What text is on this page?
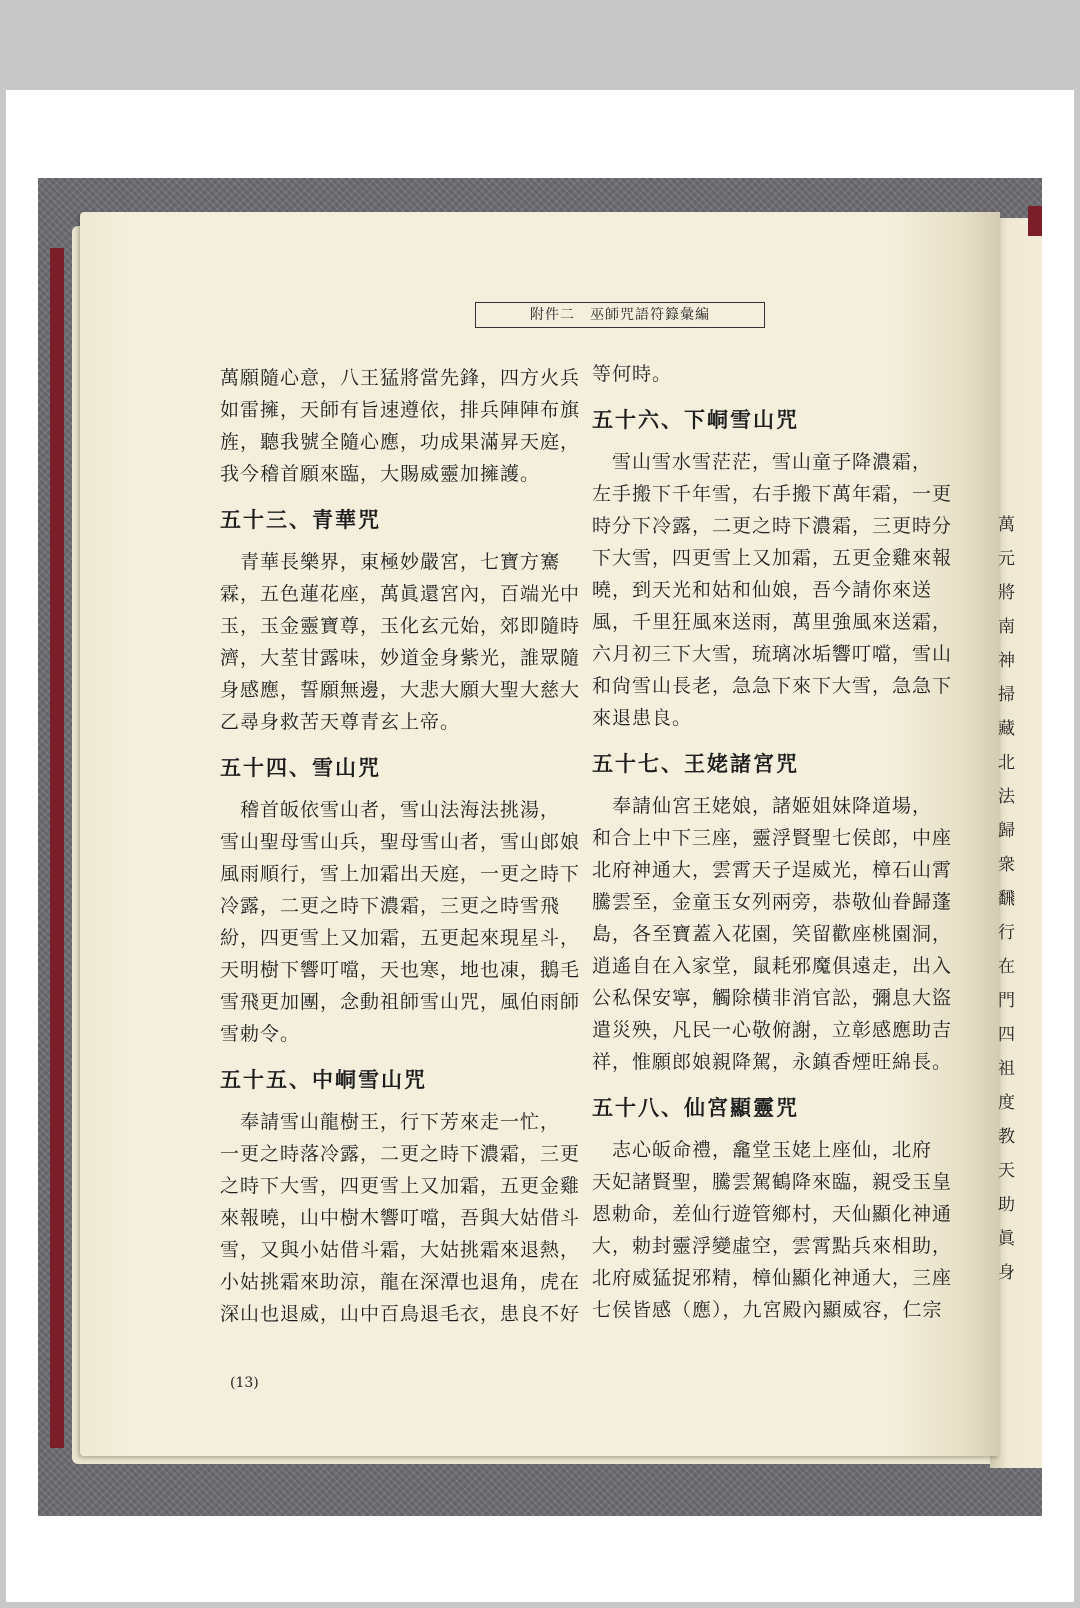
附件二　巫師咒語符籙彙編

萬願隨心意，八王猛將當先鋒，四方火兵

如雷擁，天師有旨速遵依，排兵陣陣布旗

旌，聽我號全隨心應，功成果滿昇天庭，

我今稽首願來臨，大賜威靈加擁護。

五十三、青華咒

　青華長樂界，東極妙嚴宮，七寶方騫

霖，五色蓮花座，萬眞還宮內，百端光中

玉，玉金靈寶尊，玉化玄元始，郊即隨時

濟，大荎甘露味，妙道金身紫光，誰眾隨

身感應，誓願無邊，大悲大願大聖大慈大

乙尋身救苦天尊青玄上帝。

五十四、雪山咒

　稽首皈依雪山者，雪山法海法挑湯，

雪山聖母雪山兵，聖母雪山者，雪山郎娘

風雨順行，雪上加霜出天庭，一更之時下

冷露，二更之時下濃霜，三更之時雪飛

紛，四更雪上又加霜，五更起來現星斗，

天明樹下響叮噹，天也寒，地也凍，鵝毛

雪飛更加團，念動祖師雪山咒，風伯雨師

雪勅令。

五十五、中峒雪山咒

　奉請雪山龍樹王，行下芳來走一忙，

一更之時落冷露，二更之時下濃霜，三更

之時下大雪，四更雪上又加霜，五更金雞

來報曉，山中樹木響叮噹，吾與大姑借斗

雪，又與小姑借斗霜，大姑挑霜來退熱，

小姑挑霜來助涼，龍在深潭也退角，虎在

深山也退威，山中百鳥退毛衣，患良不好

等何時。

五十六、下峒雪山咒

　雪山雪水雪茫茫，雪山童子降濃霜，

左手搬下千年雪，右手搬下萬年霜，一更

時分下冷露，二更之時下濃霜，三更時分

下大雪，四更雪上又加霜，五更金雞來報

曉，到天光和姑和仙娘，吾今請你來送

風，千里狂風來送雨，萬里強風來送霜，

六月初三下大雪，琉璃冰垢響叮噹，雪山

和尙雪山長老，急急下來下大雪，急急下

來退患良。

五十七、王姥諸宮咒

　奉請仙宮王姥娘，諸姬姐妹降道場，

和合上中下三座，靈浮賢聖七侯郎，中座

北府神通大，雲霄天子逞威光，樟石山霄

騰雲至，金童玉女列兩旁，恭敬仙眷歸蓬

島，各至寶蓋入花園，笑留歡座桃園洞，

逍遙自在入家堂，鼠耗邪魔俱遠走，出入

公私保安寧，觸除橫非消官訟，彌息大盜

遣災殃，凡民一心敬俯謝，立彰感應助吉

祥，惟願郎娘親降駕，永鎮香煙旺綿長。

五十八、仙宮顯靈咒

　志心皈命禮，龕堂玉姥上座仙，北府

天妃諸賢聖，騰雲駕鶴降來臨，親受玉皇

恩勅命，差仙行遊管鄉村，天仙顯化神通

大，勅封靈浮變虛空，雲霄點兵來相助，

北府威猛捉邪精，樟仙顯化神通大，三座

七侯皆感（應），九宮殿內顯威容，仁宗

(13)
萬
元
將
南
神
掃
藏
北
法
歸
衆
飜
行
在
門
四
祖
度
教
天
助
眞
身
